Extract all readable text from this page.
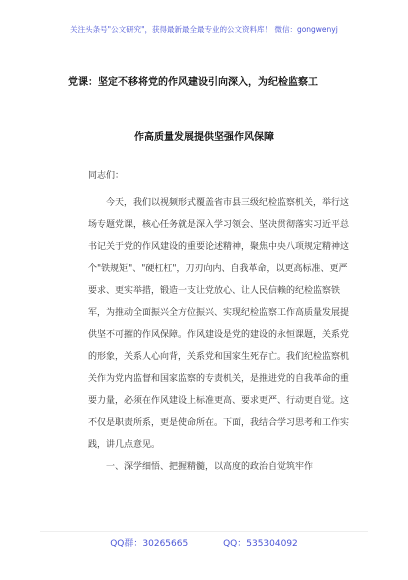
关注头条号"公文研究"，获得最新最全最专业的公文资料库！ 微信：gongwenyj
党课：坚定不移将党的作风建设引向深入，为纪检监察工
作高质量发展提供坚强作风保障
同志们：

今天，我们以视频形式覆盖省市县三级纪检监察机关，举行这场专题党课，核心任务就是深入学习领会、坚决贯彻落实习近平总书记关于党的作风建设的重要论述精神，聚焦中央八项规定精神这个"铁规矩"、"硬杠杠"，刀刃向内、自我革命，以更高标准、更严要求、更实举措，锻造一支让党放心、让人民信赖的纪检监察铁军，为推动全面振兴全方位振兴、实现纪检监察工作高质量发展提供坚不可摧的作风保障。作风建设是党的建设的永恒课题，关系党的形象，关系人心向背，关系党和国家生死存亡。我们纪检监察机关作为党内监督和国家监察的专责机关，是推进党的自我革命的重要力量，必须在作风建设上标准更高、要求更严、行动更自觉。这不仅是职责所系，更是使命所在。下面，我结合学习思考和工作实践，讲几点意见。

一、深学细悟、把握精髓，以高度的政治自觉筑牢作

QQ群：30265665	QQ：535304092
